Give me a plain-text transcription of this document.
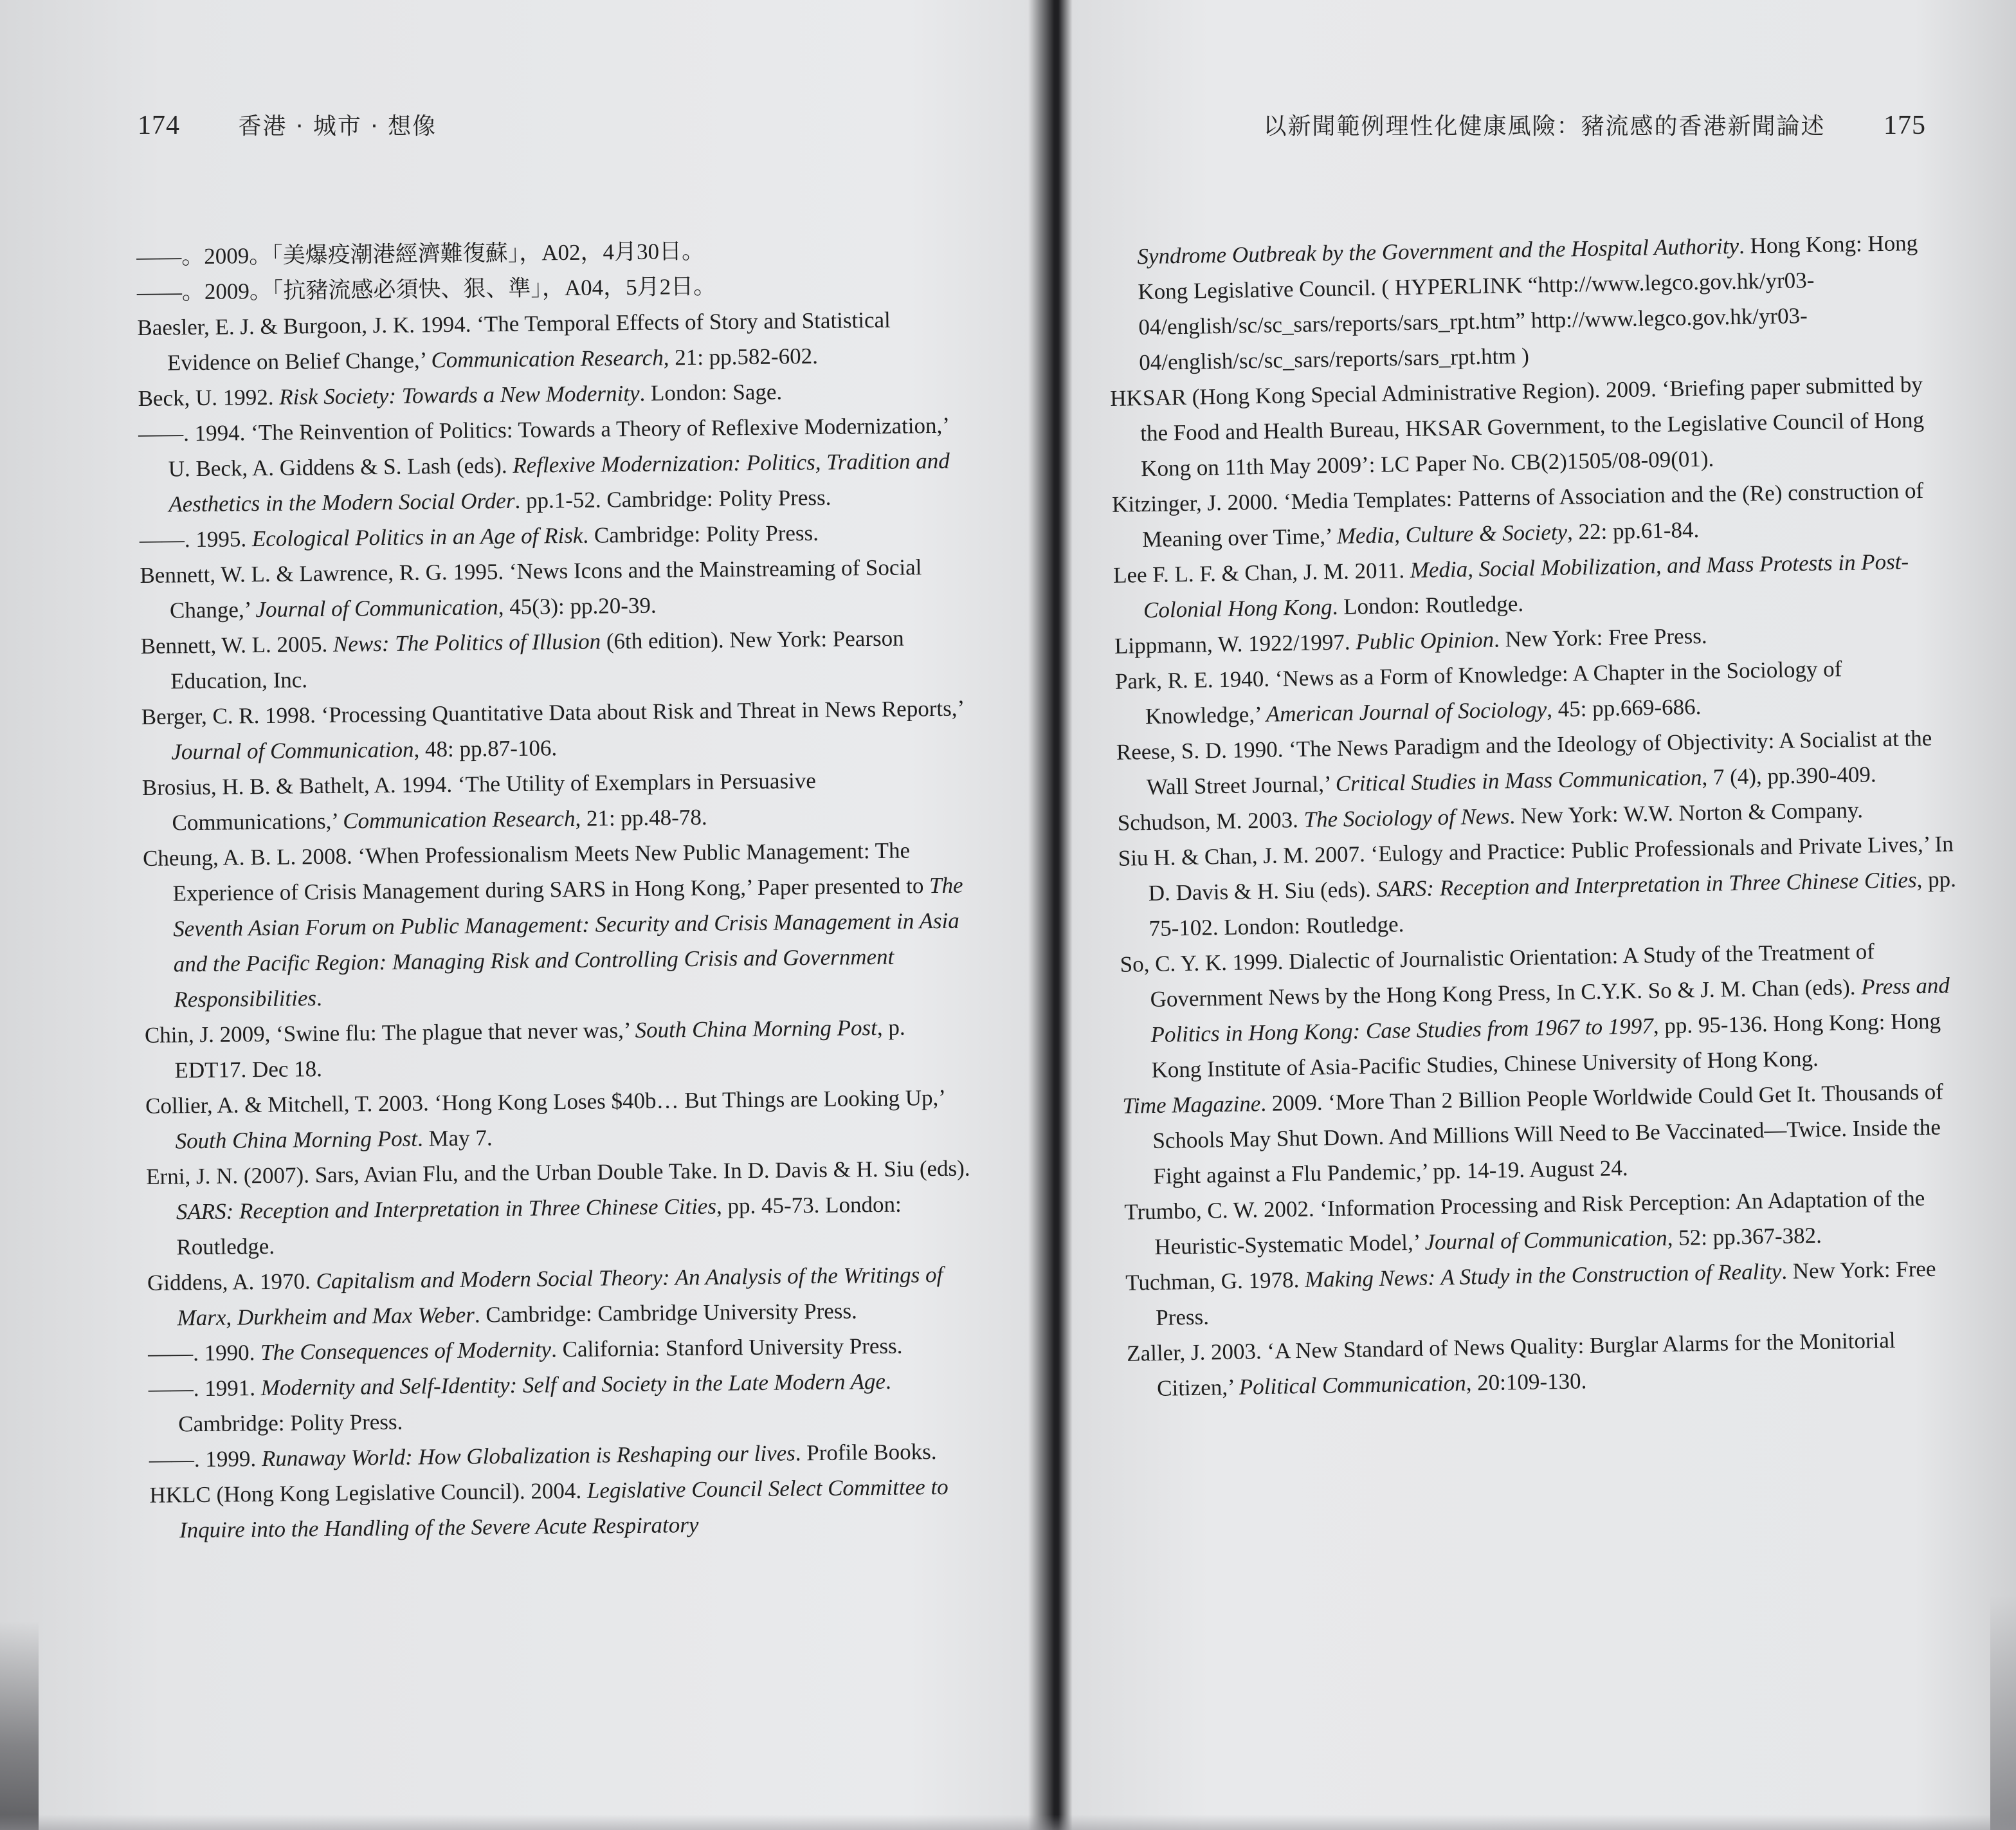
174	香港 · 城市 · 想像
——。2009。「美爆疫潮港經濟難復蘇」，A02，4月30日。
——。2009。「抗豬流感必須快、狠、準」，A04，5月2日。
Baesler, E. J. & Burgoon, J. K. 1994. ‘The Temporal Effects of Story and Statistical Evidence on Belief Change,’ Communication Research, 21: pp.582-602.
Beck, U. 1992. Risk Society: Towards a New Modernity. London: Sage.
——. 1994. ‘The Reinvention of Politics: Towards a Theory of Reflexive Modernization,’ U. Beck, A. Giddens & S. Lash (eds). Reflexive Modernization: Politics, Tradition and Aesthetics in the Modern Social Order. pp.1-52. Cambridge: Polity Press.
——. 1995. Ecological Politics in an Age of Risk. Cambridge: Polity Press.
Bennett, W. L. & Lawrence, R. G. 1995. ‘News Icons and the Mainstreaming of Social Change,’ Journal of Communication, 45(3): pp.20-39.
Bennett, W. L. 2005. News: The Politics of Illusion (6th edition). New York: Pearson Education, Inc.
Berger, C. R. 1998. ‘Processing Quantitative Data about Risk and Threat in News Reports,’ Journal of Communication, 48: pp.87-106.
Brosius, H. B. & Bathelt, A. 1994. ‘The Utility of Exemplars in Persuasive Communications,’ Communication Research, 21: pp.48-78.
Cheung, A. B. L. 2008. ‘When Professionalism Meets New Public Management: The Experience of Crisis Management during SARS in Hong Kong,’ Paper presented to The Seventh Asian Forum on Public Management: Security and Crisis Management in Asia and the Pacific Region: Managing Risk and Controlling Crisis and Government Responsibilities.
Chin, J. 2009, ‘Swine flu: The plague that never was,’ South China Morning Post, p. EDT17. Dec 18.
Collier, A. & Mitchell, T. 2003. ‘Hong Kong Loses $40b… But Things are Looking Up,’ South China Morning Post. May 7.
Erni, J. N. (2007). Sars, Avian Flu, and the Urban Double Take. In D. Davis & H. Siu (eds). SARS: Reception and Interpretation in Three Chinese Cities, pp. 45-73. London: Routledge.
Giddens, A. 1970. Capitalism and Modern Social Theory: An Analysis of the Writings of Marx, Durkheim and Max Weber. Cambridge: Cambridge University Press.
——. 1990. The Consequences of Modernity. California: Stanford University Press.
——. 1991. Modernity and Self-Identity: Self and Society in the Late Modern Age. Cambridge: Polity Press.
——. 1999. Runaway World: How Globalization is Reshaping our lives. Profile Books.
HKLC (Hong Kong Legislative Council). 2004. Legislative Council Select Committee to Inquire into the Handling of the Severe Acute Respiratory
以新聞範例理性化健康風險：豬流感的香港新聞論述 175
Syndrome Outbreak by the Government and the Hospital Authority. Hong Kong: Hong Kong Legislative Council. ( HYPERLINK “http://www.legco.gov.hk/yr03-04/english/sc/sc_sars/reports/sars_rpt.htm” http://www.legco.gov.hk/yr03-04/english/sc/sc_sars/reports/sars_rpt.htm )
HKSAR (Hong Kong Special Administrative Region). 2009. ‘Briefing paper submitted by the Food and Health Bureau, HKSAR Government, to the Legislative Council of Hong Kong on 11th May 2009’: LC Paper No. CB(2)1505/08-09(01).
Kitzinger, J. 2000. ‘Media Templates: Patterns of Association and the (Re) construction of Meaning over Time,’ Media, Culture & Society, 22: pp.61-84.
Lee F. L. F. & Chan, J. M. 2011. Media, Social Mobilization, and Mass Protests in Post-Colonial Hong Kong. London: Routledge.
Lippmann, W. 1922/1997. Public Opinion. New York: Free Press.
Park, R. E. 1940. ‘News as a Form of Knowledge: A Chapter in the Sociology of Knowledge,’ American Journal of Sociology, 45: pp.669-686.
Reese, S. D. 1990. ‘The News Paradigm and the Ideology of Objectivity: A Socialist at the Wall Street Journal,’ Critical Studies in Mass Communication, 7 (4), pp.390-409.
Schudson, M. 2003. The Sociology of News. New York: W.W. Norton & Company.
Siu H. & Chan, J. M. 2007. ‘Eulogy and Practice: Public Professionals and Private Lives,’ In D. Davis & H. Siu (eds). SARS: Reception and Interpretation in Three Chinese Cities, pp. 75-102. London: Routledge.
So, C. Y. K. 1999. Dialectic of Journalistic Orientation: A Study of the Treatment of Government News by the Hong Kong Press, In C.Y.K. So & J. M. Chan (eds). Press and Politics in Hong Kong: Case Studies from 1967 to 1997, pp. 95-136. Hong Kong: Hong Kong Institute of Asia-Pacific Studies, Chinese University of Hong Kong.
Time Magazine. 2009. ‘More Than 2 Billion People Worldwide Could Get It. Thousands of Schools May Shut Down. And Millions Will Need to Be Vaccinated—Twice. Inside the Fight against a Flu Pandemic,’ pp. 14-19. August 24.
Trumbo, C. W. 2002. ‘Information Processing and Risk Perception: An Adaptation of the Heuristic-Systematic Model,’ Journal of Communication, 52: pp.367-382.
Tuchman, G. 1978. Making News: A Study in the Construction of Reality. New York: Free Press.
Zaller, J. 2003. ‘A New Standard of News Quality: Burglar Alarms for the Monitorial Citizen,’ Political Communication, 20:109-130.
